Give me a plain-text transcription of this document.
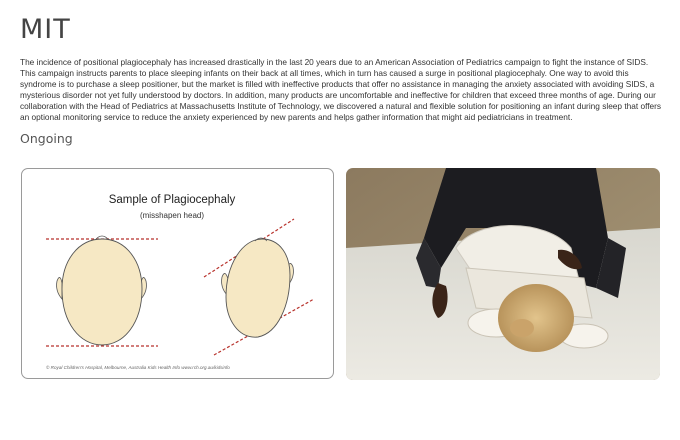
MIT

The incidence of positional plagiocephaly has increased drastically in the last 20 years due to an American Association of Pediatrics campaign to fight the instance of SIDS. This campaign instructs parents to place sleeping infants on their back at all times, which in turn has caused a surge in positional plagiocephaly. One way to avoid this syndrome is to purchase a sleep positioner, but the market is filled with ineffective products that offer no assistance in managing the anxiety associated with avoiding SIDS, a mysterious disorder not yet fully understood by doctors. In addition, many products are uncomfortable and ineffective for children that exceed three months of age. During our collaboration with the Head of Pediatrics at Massachusetts Institute of Technology, we discovered a natural and flexible solution for positioning an infant during sleep that offers an optional monitoring service to reduce the anxiety experienced by new parents and helps gather information that might aid pediatricians in treatment.

Ongoing

Sample of Plagiocephaly
(misshapen head)
© Royal Children's Hospital, Melbourne, Australia Kids Health Info www.rch.org.au/kidsinfo
